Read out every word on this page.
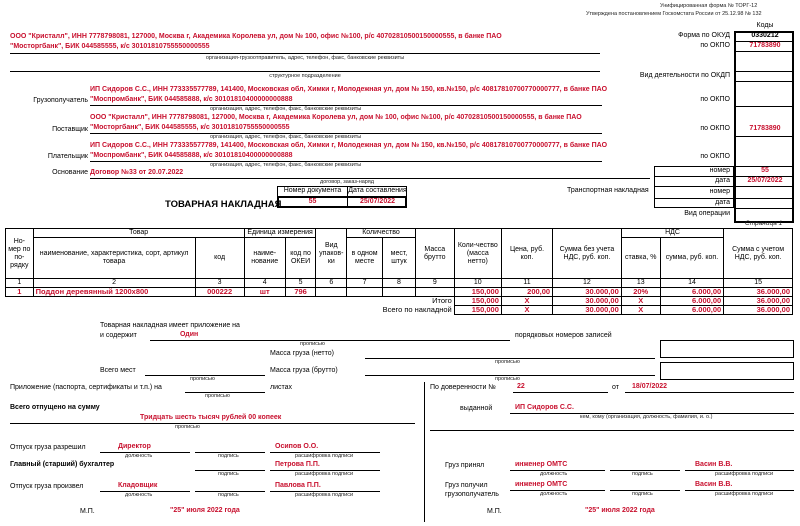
Унифицированная форма № ТОРГ-12
Утверждена постановлением Госкомстата России от 25.12.98 № 132
Коды
Форма по ОКУД	0330212
по ОКПО	71783890
Вид деятельности по ОКДП
по ОКПО
по ОКПО	71783890
по ОКПО
ООО "Кристалл", ИНН 7778798081, 127000, Москва г, Академика Королева ул, дом № 100, офис №100, р/с 40702810500150000555, в банке ПАО
"Мосторгбанк", БИК 044585555, к/с 30101810755550000555
организация-грузоотправитель, адрес, телефон, факс, банковские реквизиты
структурное подразделение
Грузополучатель
ИП Сидоров С.С., ИНН 773335577789, 141400, Московская обл, Химки г, Молодежная ул, дом № 150, кв.№150, р/с 40817810700770000777, в банке ПАО
"Моспромбанк", БИК 044585888, к/с 30101810400000000888
организация, адрес, телефон, факс, банковские реквизиты
Поставщик
ООО "Кристалл", ИНН 7778798081, 127000, Москва г, Академика Королева ул, дом № 100, офис №100, р/с 40702810500150000555, в банке ПАО
"Мосторгбанк", БИК 044585555, к/с 30101810755550000555
организация, адрес, телефон, факс, банковские реквизиты
Плательщик
ИП Сидоров С.С., ИНН 773335577789, 141400, Московская обл, Химки г, Молодежная ул, дом № 150, кв.№150, р/с 40817810700770000777, в банке ПАО
"Моспромбанк", БИК 044585888, к/с 30101810400000000888
организация, адрес, телефон, факс, банковские реквизиты
Основание Договор №33 от 20.07.2022
договор, заказ-наряд
номер	55
дата	25/07/2022
Транспортная накладная	номер
дата
Вид операции
ТОВАРНАЯ НАКЛАДНАЯ
Номер документа Дата составления
55	25/07/2022
Страница 1
Но-мер по по-рядку	Товар		Единица измерения		Вид упаков-ки	Количество		Масса брутто	Коли-чество (масса нетто)	Цена, руб. коп.	Сумма без учета НДС, руб. коп.	НДС		Сумма с учетом НДС, руб. коп.
	наименование, характеристика, сорт, артикул товара	код	наиме-нование	код по ОКЕИ		в одном месте	мест, штук					ставка, %	сумма, руб. коп.	
1	2	3	4	5	6	7	8	9	10	11	12	13	14	15
1	Поддон деревянный 1200х800	000222	шт	796					150,000	200,00	30.000,00	20%	6.000,00	36.000,00
Итого									150,000	X	30.000,00	X	6.000,00	36.000,00
Всего по накладной									150,000	X	30.000,00	X	6.000,00	36.000,00
Товарная накладная имеет приложение на
и содержит	Один
прописью
порядковых номеров записей
Масса груза (нетто)
прописью
Всего мест
прописью
Масса груза (брутто)
прописью
Приложение (паспорта, сертификаты и т.п.) на
прописью
листах
Всего отпущено на сумму
Тридцать шесть тысяч рублей 00 копеек
прописью
Отпуск груза разрешил	Директор	Осипов О.О.
должность	подпись	расшифровка подписи
Главный (старший) бухгалтер	Петрова П.П.
подпись	расшифровка подписи
Отпуск груза произвел	Кладовщик	Павлова П.П.
должность	подпись	расшифровка подписи
М.П.	"25" июля 2022 года
По доверенности №	22	от 18/07/2022
выданной	ИП Сидоров С.С.
кем, кому (организация, должность, фамилия, и. о.)
Груз принял	инженер ОМТС	Васин В.В.
должность	подпись	расшифровка подписи
Груз получил
грузополучатель
инженер ОМТС	Васин В.В.
должность	подпись	расшифровка подписи
М.П.	"25" июля 2022 года
